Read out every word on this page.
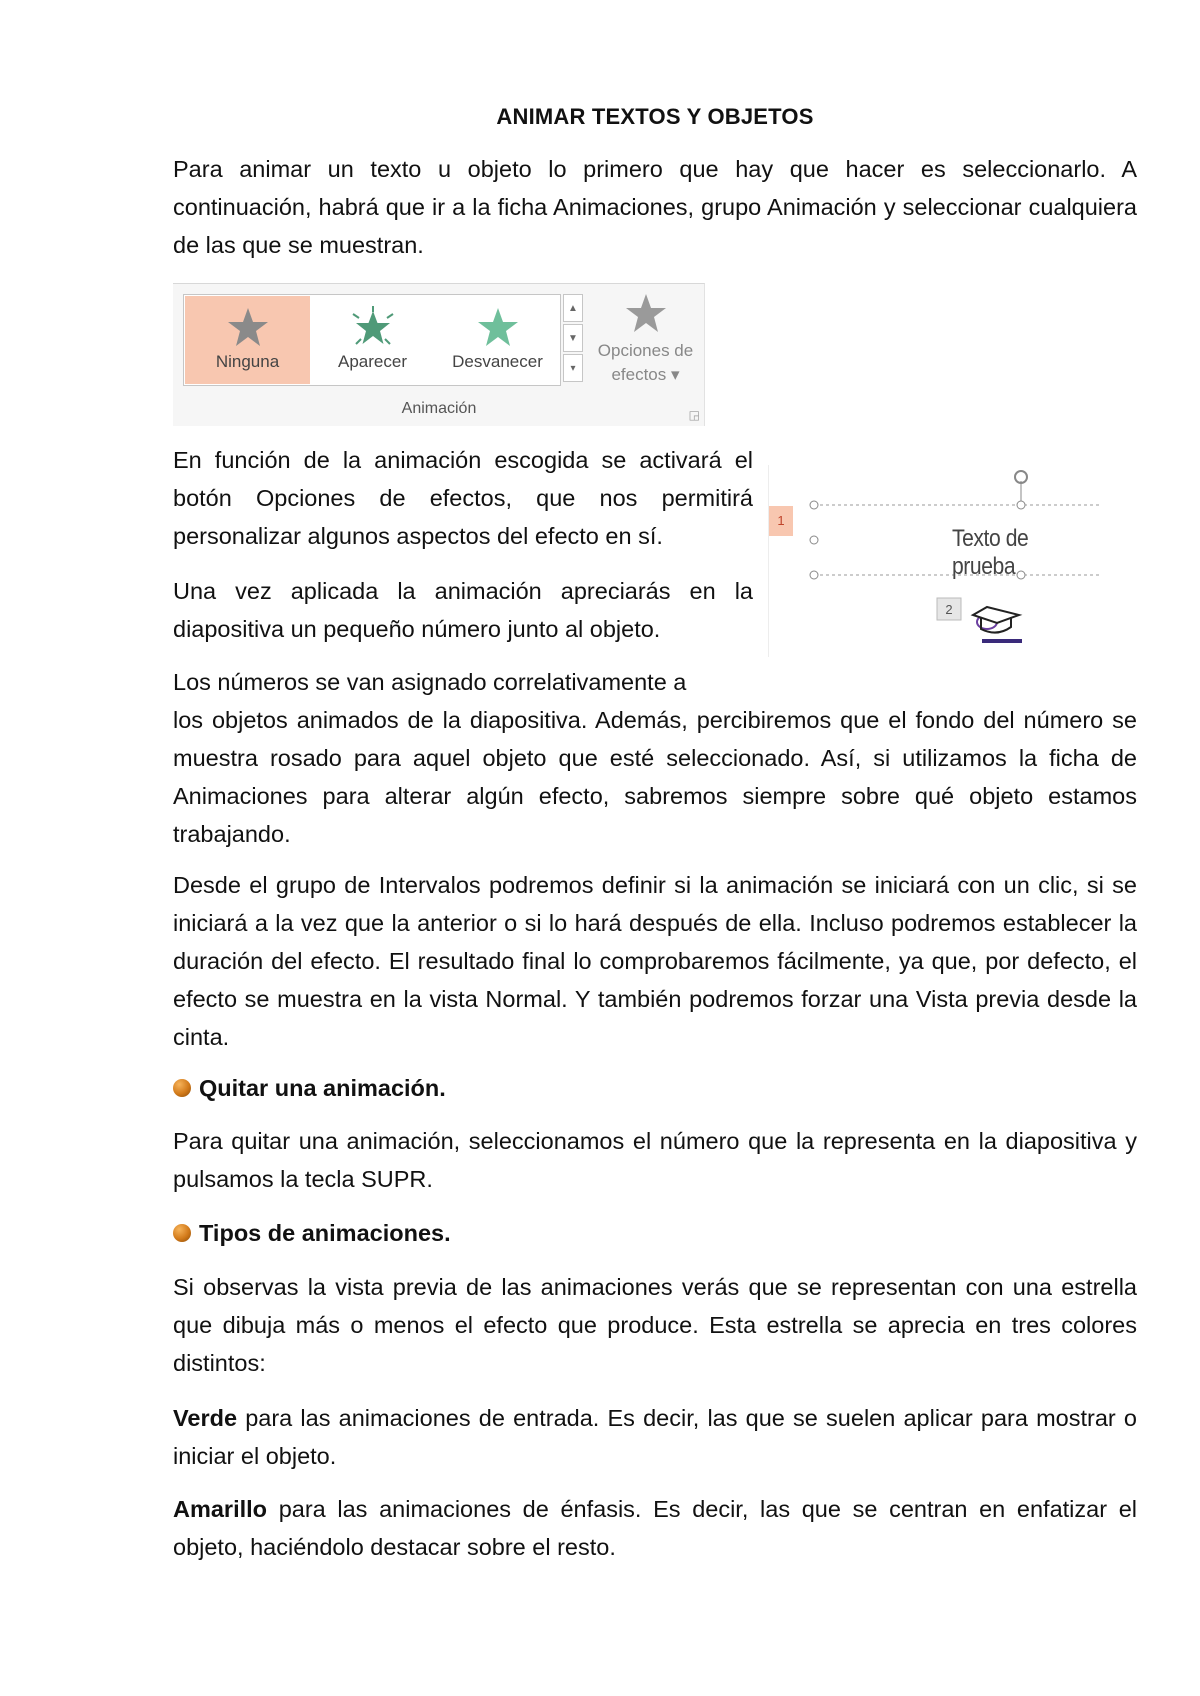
ANIMAR TEXTOS Y OBJETOS

Para animar un texto u objeto lo primero que hay que hacer es seleccionarlo. A continuación, habrá que ir a la ficha Animaciones, grupo Animación y seleccionar cualquiera de las que se muestran.

En función de la animación escogida se activará el botón Opciones de efectos, que nos permitirá personalizar algunos aspectos del efecto en sí.

Una vez aplicada la animación apreciarás en la diapositiva un pequeño número junto al objeto.

Los números se van asignado correlativamente a

los objetos animados de la diapositiva. Además, percibiremos que el fondo del número se muestra rosado para aquel objeto que esté seleccionado. Así, si utilizamos la ficha de Animaciones para alterar algún efecto, sabremos siempre sobre qué objeto estamos trabajando.

Desde el grupo de Intervalos podremos definir si la animación se iniciará con un clic, si se iniciará a la vez que la anterior o si lo hará después de ella. Incluso podremos establecer la duración del efecto. El resultado final lo comprobaremos fácilmente, ya que, por defecto, el efecto se muestra en la vista Normal. Y también podremos forzar una Vista previa desde la cinta.

Quitar una animación.

Para quitar una animación, seleccionamos el número que la representa en la diapositiva y pulsamos la tecla SUPR.

Tipos de animaciones.

Si observas la vista previa de las animaciones verás que se representan con una estrella que dibuja más o menos el efecto que produce. Esta estrella se aprecia en tres colores distintos:

Verde para las animaciones de entrada. Es decir, las que se suelen aplicar para mostrar o iniciar el objeto.

Amarillo para las animaciones de énfasis. Es decir, las que se centran en enfatizar el objeto, haciéndolo destacar sobre el resto.

Ninguna	Aparecer	Desvanecer
▲
▼
▾
Opciones de
efectos ▾
Animación	◲
1
2
Texto de prueba
